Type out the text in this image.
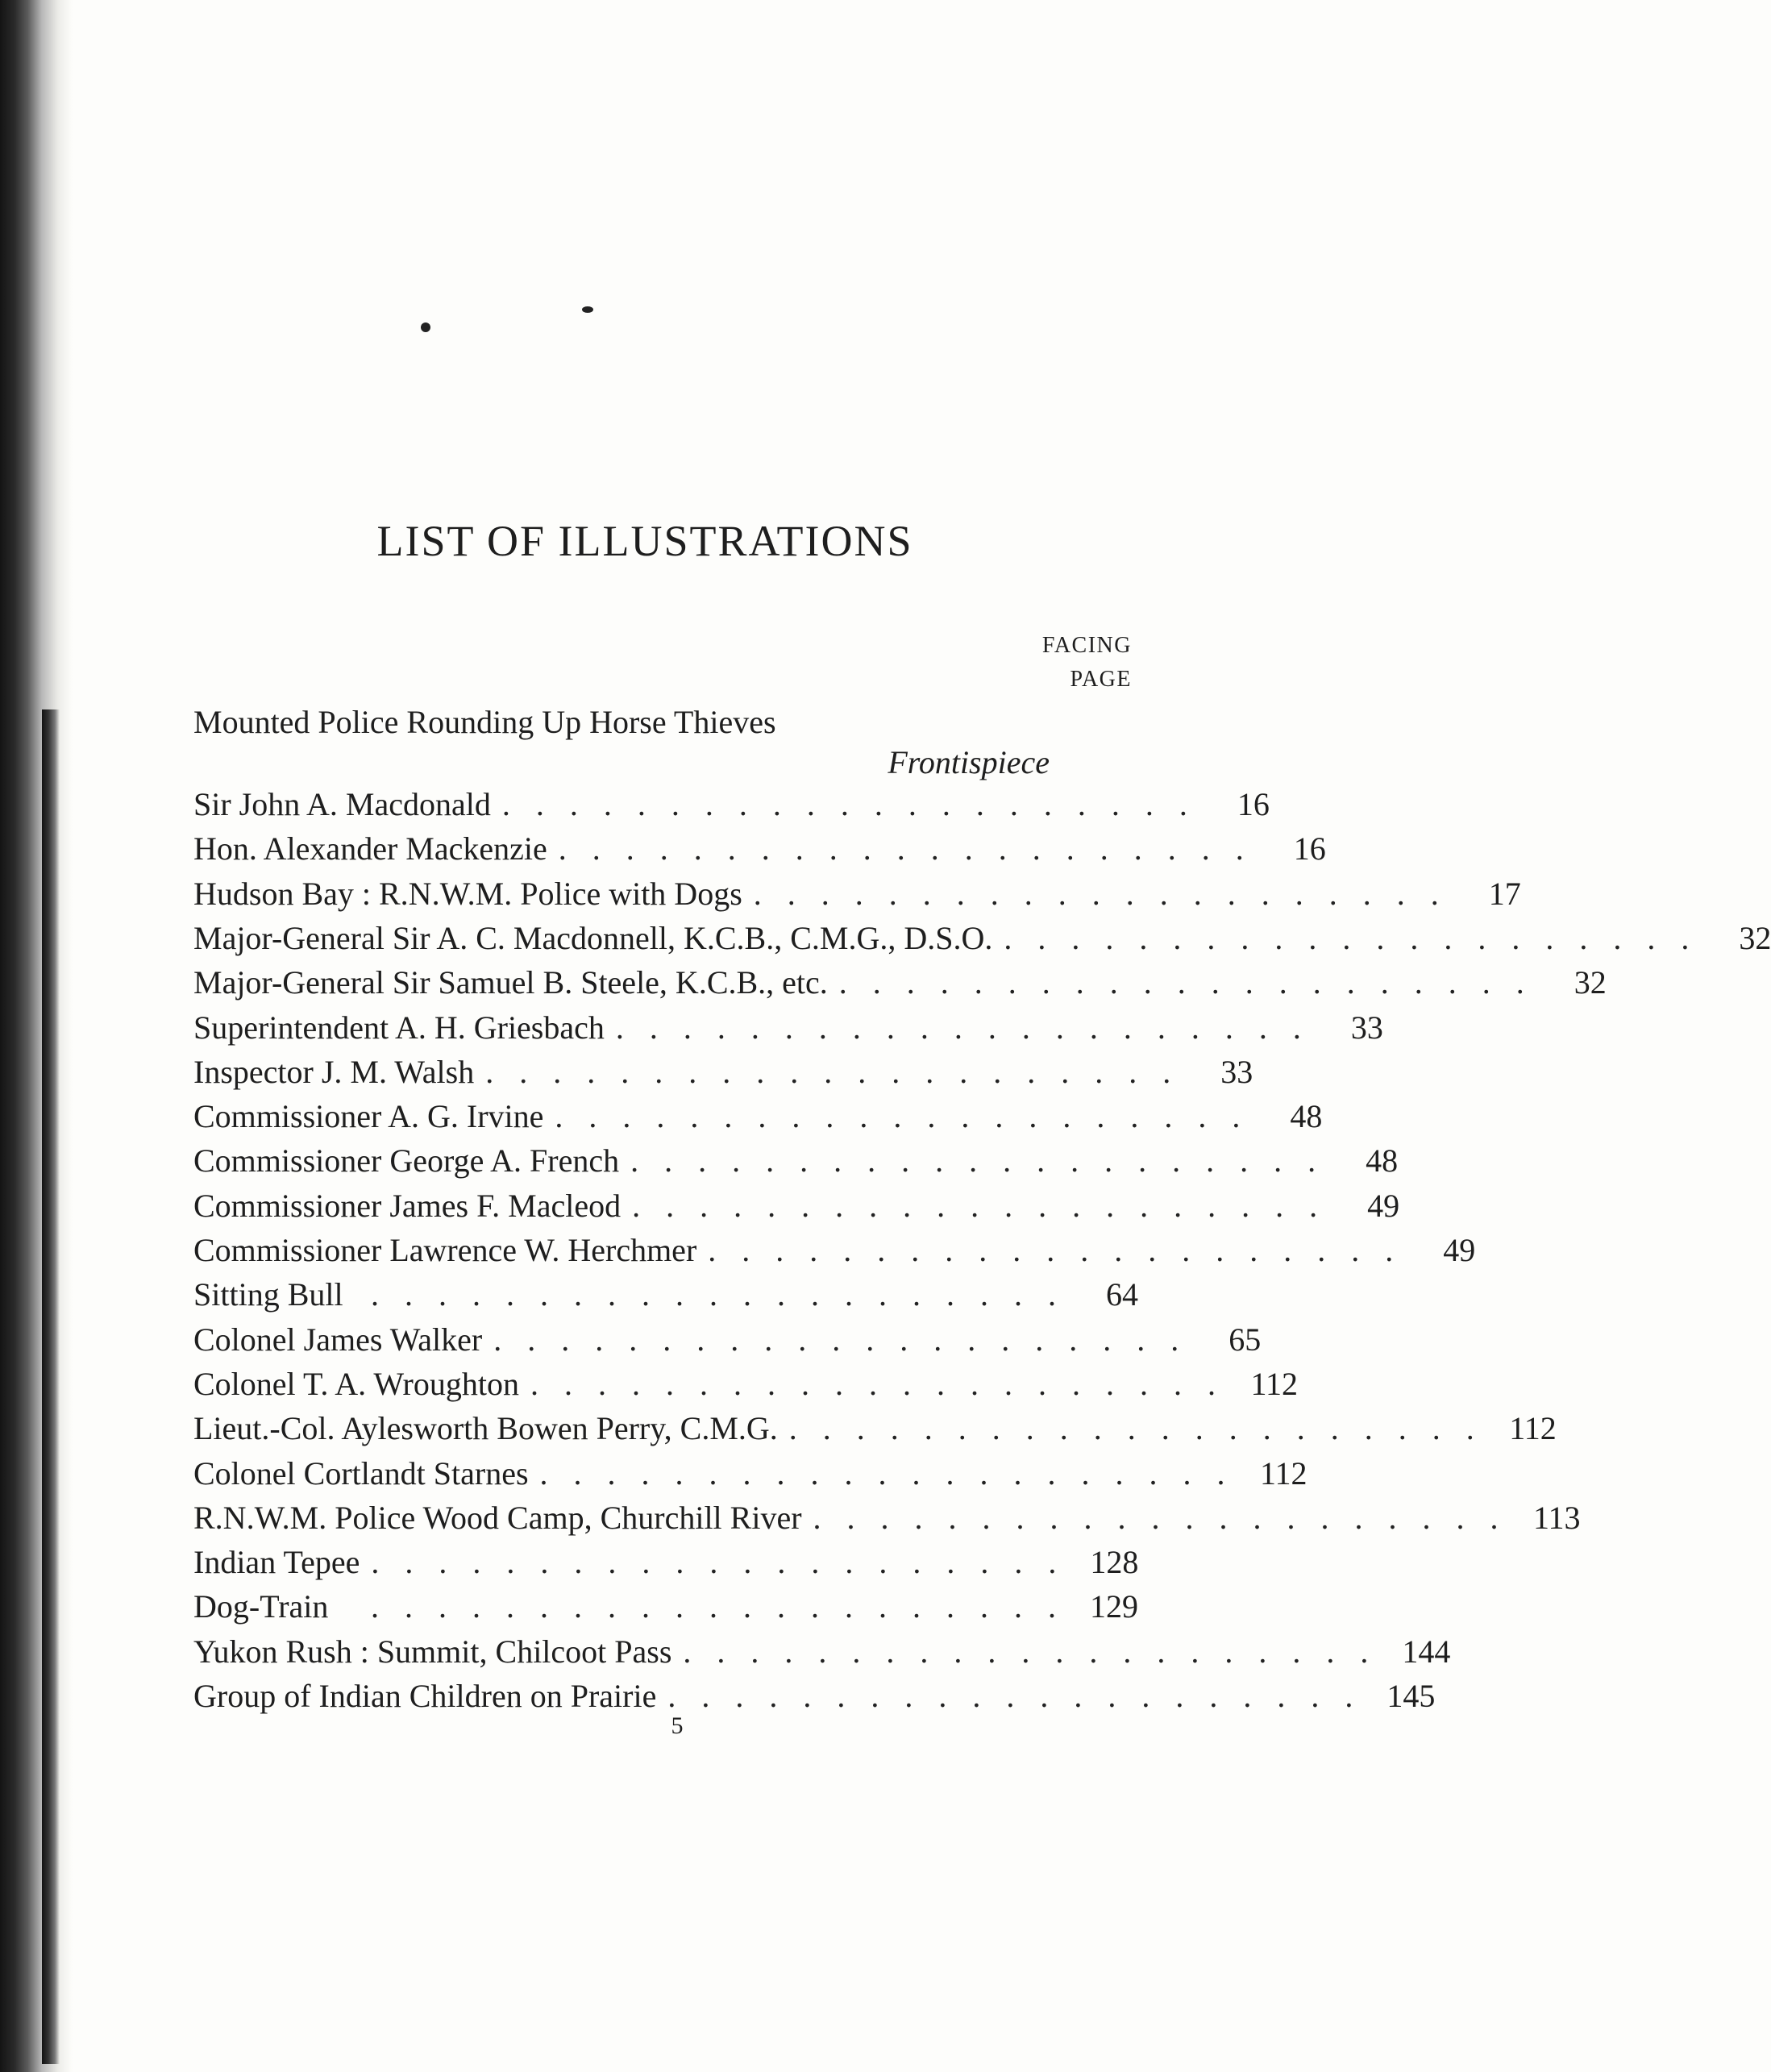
LIST OF ILLUSTRATIONS
FACING
PAGE
Mounted Police Rounding Up Horse Thieves
Frontispiece
Sir John A. Macdonald ..................... 16
Hon. Alexander Mackenzie ..................... 16
Hudson Bay : R.N.W.M. Police with Dogs ..................... 17
Major-General Sir A. C. Macdonnell, K.C.B., C.M.G., D.S.O. ..................... 32
Major-General Sir Samuel B. Steele, K.C.B., etc. ..................... 32
Superintendent A. H. Griesbach ..................... 33
Inspector J. M. Walsh ..................... 33
Commissioner A. G. Irvine ..................... 48
Commissioner George A. French ..................... 48
Commissioner James F. Macleod ..................... 49
Commissioner Lawrence W. Herchmer ..................... 49
Sitting Bull ..................... 64
Colonel James Walker ..................... 65
Colonel T. A. Wroughton ..................... 112
Lieut.-Col. Aylesworth Bowen Perry, C.M.G. ..................... 112
Colonel Cortlandt Starnes ..................... 112
R.N.W.M. Police Wood Camp, Churchill River ..................... 113
Indian Tepee ..................... 128
Dog-Train	..................... 129
Yukon Rush : Summit, Chilcoot Pass ..................... 144
Group of Indian Children on Prairie ..................... 145
5
